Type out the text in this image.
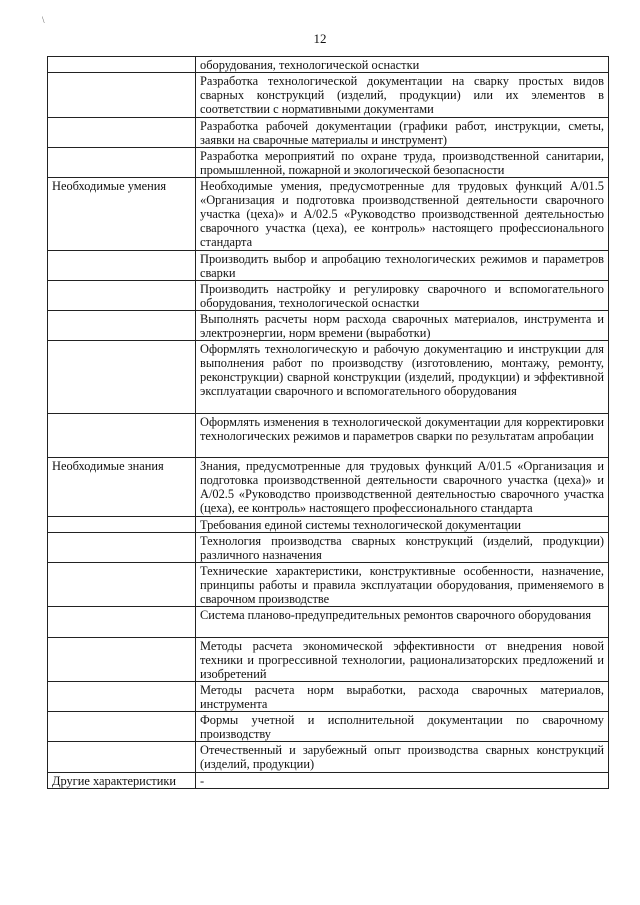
\
12
	оборудования, технологической оснастки
	Разработка технологической документации на сварку простых видов сварных конструкций (изделий, продукции) или их элементов в соответствии с нормативными документами
	Разработка рабочей документации (графики работ, инструкции, сметы, заявки на сварочные материалы и инструмент)
	Разработка мероприятий по охране труда, производственной санитарии, промышленной, пожарной и экологической безопасности
Необходимые умения	Необходимые умения, предусмотренные для трудовых функций А/01.5 «Организация и подготовка производственной деятельности сварочного участка (цеха)» и А/02.5 «Руководство производственной деятельностью сварочного участка (цеха), ее контроль» настоящего профессионального стандарта
	Производить выбор и апробацию технологических режимов и параметров сварки
	Производить настройку и регулировку сварочного и вспомогательного оборудования, технологической оснастки
	Выполнять расчеты норм расхода сварочных материалов, инструмента и электроэнергии, норм времени (выработки)
	Оформлять технологическую и рабочую документацию и инструкции для выполнения работ по производству (изготовлению, монтажу, ремонту, реконструкции) сварной конструкции (изделий, продукции) и эффективной эксплуатации сварочного и вспомогательного оборудования
	Оформлять изменения в технологической документации для корректировки технологических режимов и параметров сварки по результатам апробации
Необходимые знания	Знания, предусмотренные для трудовых функций А/01.5 «Организация и подготовка производственной деятельности сварочного участка (цеха)» и А/02.5 «Руководство производственной деятельностью сварочного участка (цеха), ее контроль» настоящего профессионального стандарта
	Требования единой системы технологической документации
	Технология производства сварных конструкций (изделий, продукции) различного назначения
	Технические характеристики, конструктивные особенности, назначение, принципы работы и правила эксплуатации оборудования, применяемого в сварочном производстве
	Система планово-предупредительных ремонтов сварочного оборудования
	Методы расчета экономической эффективности от внедрения новой техники и прогрессивной технологии, рационализаторских предложений и изобретений
	Методы расчета норм выработки, расхода сварочных материалов, инструмента
	Формы учетной и исполнительной документации по сварочному производству
	Отечественный и зарубежный опыт производства сварных конструкций (изделий, продукции)
Другие характеристики	-
